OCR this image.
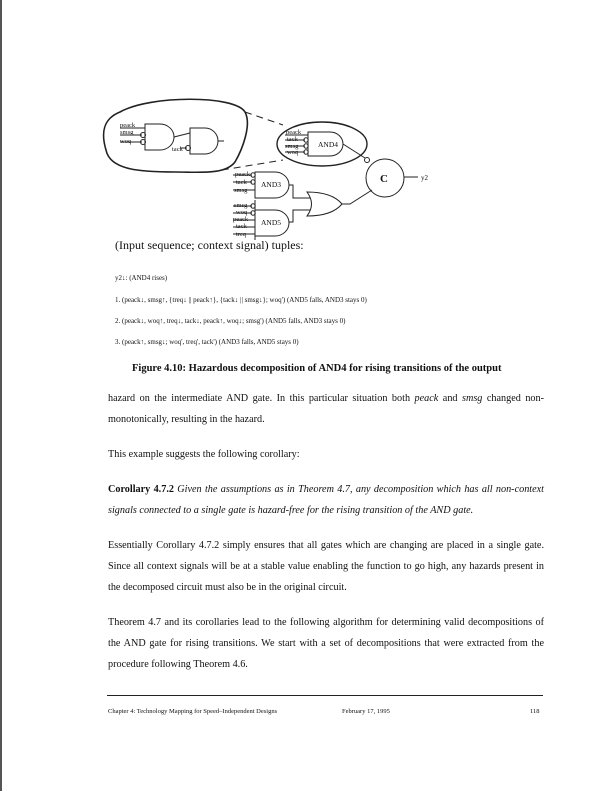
peack
smsg
woq
tack
peack
tack
smsg
woq
peack
tack
smsg
smsg
woq
peack
tack
treq
AND4
AND3
AND5
C	y2
(Input sequence; context signal) tuples:
y2↓: (AND4 rises)
1. (peack↓, smsg↑, {treq↓ || peack↑}, {tack↓ || smsg↓}; woq') (AND5 falls, AND3 stays 0)
2. (peack↓, woq↑, treq↓, tack↓, peack↑, woq↓; smsg') (AND5 falls, AND3 stays 0)
3. (peack↑, smsg↓; woq', treq', tack') (AND3 falls, AND5 stays 0)
Figure 4.10: Hazardous decomposition of AND4 for rising transitions of the output

hazard on the intermediate AND gate. In this particular situation both peack and smsg changed non-monotonically, resulting in the hazard.

This example suggests the following corollary:

Corollary 4.7.2 Given the assumptions as in Theorem 4.7, any decomposition which has all non-context signals connected to a single gate is hazard-free for the rising transition of the AND gate.

Essentially Corollary 4.7.2 simply ensures that all gates which are changing are placed in a single gate. Since all context signals will be at a stable value enabling the function to go high, any hazards present in the decomposed circuit must also be in the original circuit.

Theorem 4.7 and its corollaries lead to the following algorithm for determining valid decompositions of the AND gate for rising transitions. We start with a set of decompositions that were extracted from the procedure following Theorem 4.6.

Chapter 4: Technology Mapping for Speed–Independent Designs	February 17, 1995	118
